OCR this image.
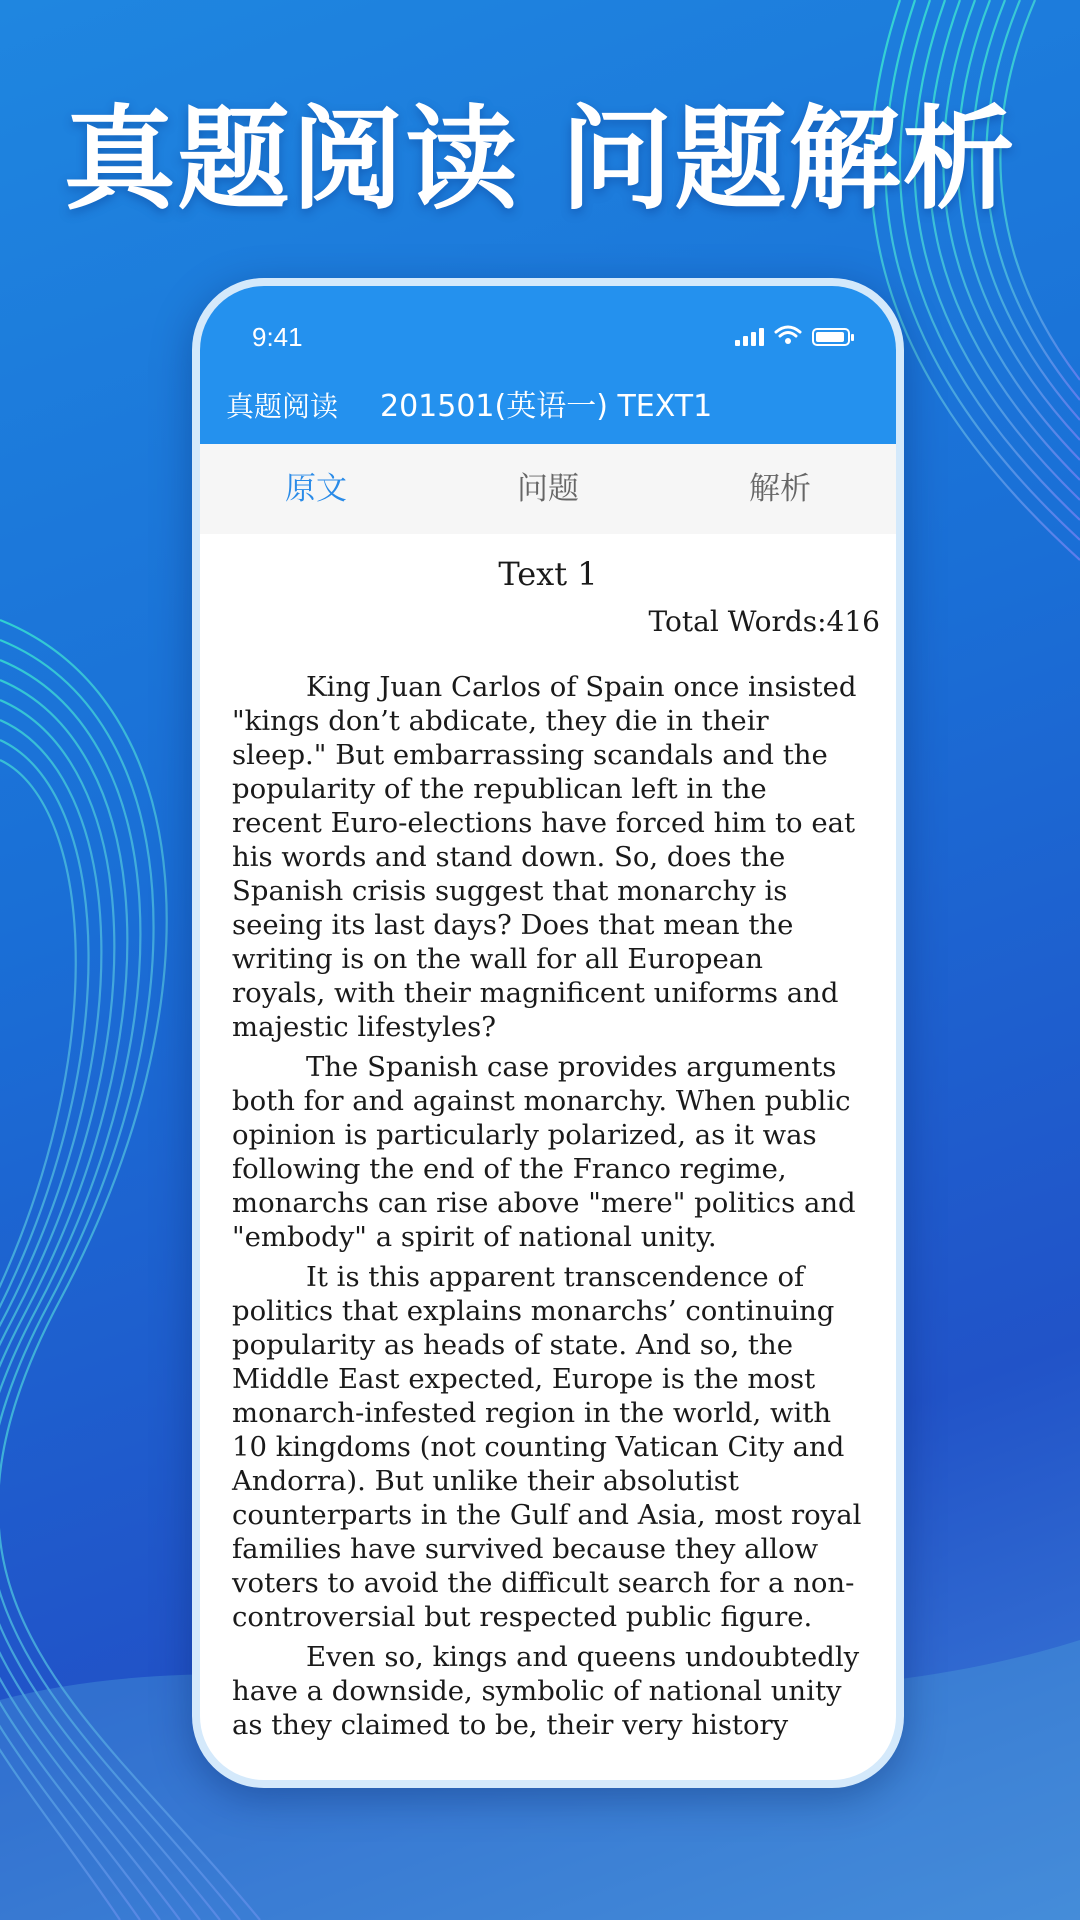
真题阅读 问题解析
9:41
真题阅读 201501(英语一) TEXT1
原文	问题	解析

Text 1

Total Words:416

King Juan Carlos of Spain once insisted "kings don’t abdicate, they die in their sleep." But embarrassing scandals and the popularity of the republican left in the recent Euro-elections have forced him to eat his words and stand down. So, does the Spanish crisis suggest that monarchy is seeing its last days? Does that mean the writing is on the wall for all European royals, with their magnificent uniforms and majestic lifestyles?

The Spanish case provides arguments both for and against monarchy. When public opinion is particularly polarized, as it was following the end of the Franco regime, monarchs can rise above "mere" politics and "embody" a spirit of national unity.

It is this apparent transcendence of politics that explains monarchs’ continuing popularity as heads of state. And so, the Middle East expected, Europe is the most monarch-infested region in the world, with 10 kingdoms (not counting Vatican City and Andorra). But unlike their absolutist counterparts in the Gulf and Asia, most royal families have survived because they allow voters to avoid the difficult search for a non-controversial but respected public figure.

Even so, kings and queens undoubtedly have a downside, symbolic of national unity as they claimed to be, their very history
